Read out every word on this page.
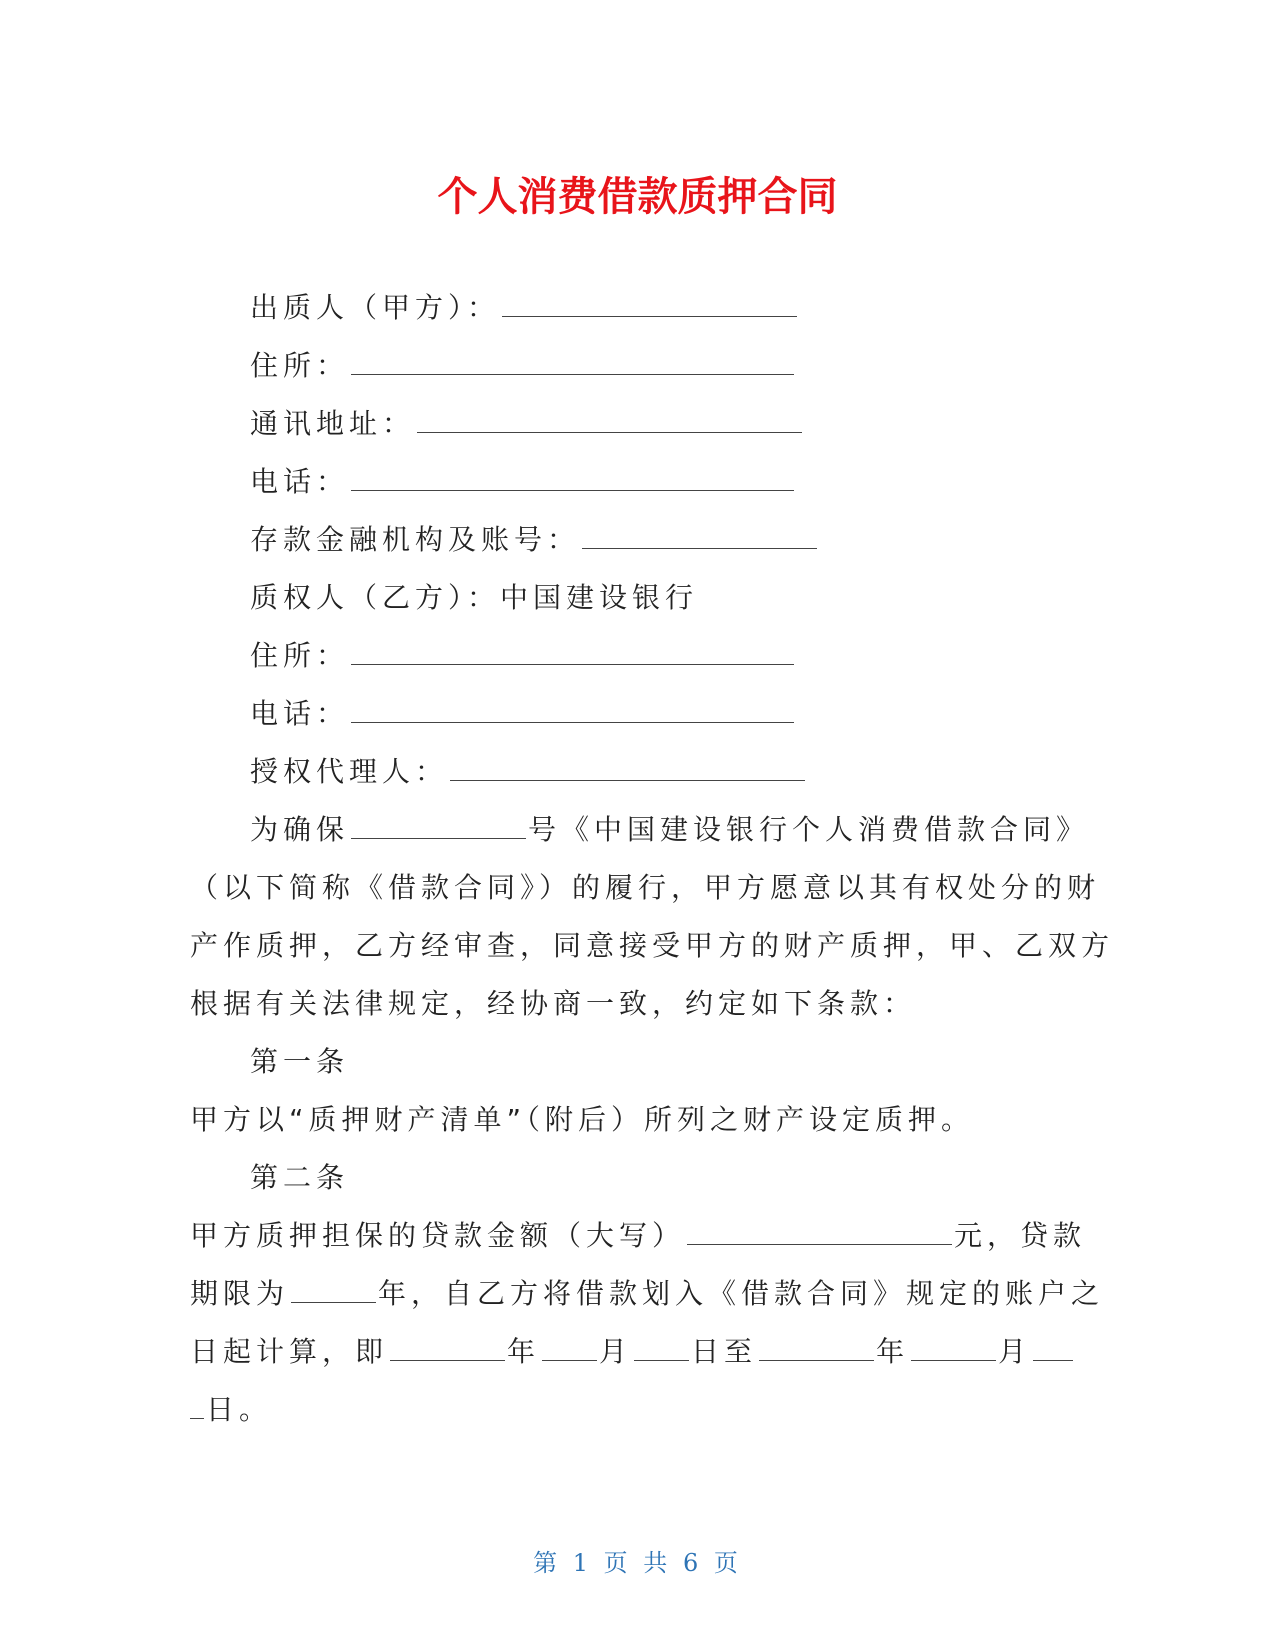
个人消费借款质押合同
出质人（甲方）：
住所：
通讯地址：
电话：
存款金融机构及账号：
质权人（乙方）：中国建设银行
住所：
电话：
授权代理人：
为确保	号《中国建设银行个人消费借款合同》
（以下简称《借款合同》）的履行，甲方愿意以其有权处分的财
产作质押，乙方经审查，同意接受甲方的财产质押，甲、乙双方
根据有关法律规定，经协商一致，约定如下条款：
第一条
甲方以“质押财产清单”（附后）所列之财产设定质押。
第二条
甲方质押担保的贷款金额（大写）	元，贷款
期限为	年，自乙方将借款划入《借款合同》规定的账户之
日起计算，即	年 月 日至	年	月
日。
第 1 页 共 6 页
